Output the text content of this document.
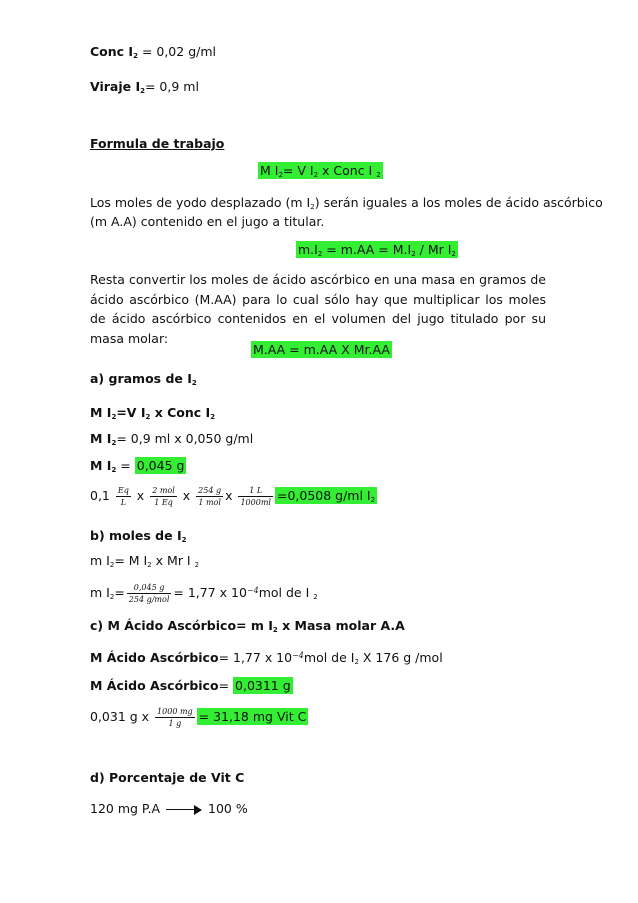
Conc $I_2 = 0,02$ g/ml
Viraje $I_2= 0,9$ ml
Formula de trabajo
M $I_2= V$ $I_2$ x Conc I $_2$
Los moles de yodo desplazado (m $I_2$) serán iguales a los moles de ácido ascórbico
(m A.A) contenido en el jugo a titular.
$m.I_2 = m.AA = M.I_2 / Mr$ $I_2$
Resta convertir los moles de ácido ascórbico en una masa en gramos de ácido ascórbico (M.AA) para lo cual sólo hay que multiplicar los moles de ácido ascórbico contenidos en el volumen del jugo titulado por su masa molar:
M.AA = m.AA X Mr.AA
a) gramos de $I_2$
M $I_2=V$ $I_2$ x Conc $I_2$
M $I_2= 0,9$ ml x 0,050 g/ml
M $I_2 = 0,045$ g
$0,1 \frac{Eq}{L}$ x $\frac{\text{2 mol}}{1 Eq}$ x $\frac{254 g}{\text{1 mol}}$ x $\frac{1 L}{1000ml} =0,0508$ g/ml $I_2$
b) moles de $I_2$
m $I_2= M$ $I_2$ x Mr I $_2$
m $I_2= \frac{0,045 g}{\text{254 g/mol}} = 1,77$ x $10^{-4}mol$ de I $_2$
c) M Ácido Ascórbico= m $I_2$ x Masa molar A.A
M Ácido Ascórbico= 1,77 x $10^{-4}mol$ de $I_2$ X 176 g /mol
M Ácido Ascórbico= 0,0311 g
0,031 g x $\frac{1000 mg}{1 g} = 31,18$ mg Vit C
d) Porcentaje de Vit C
120 mg P.A	100 %
